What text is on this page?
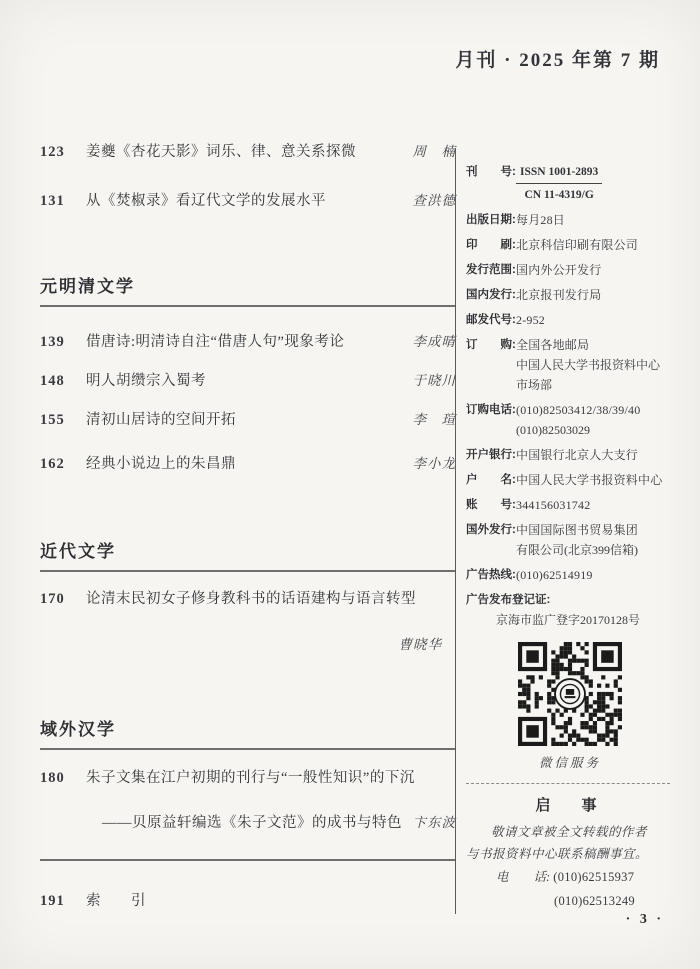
月刊 · 2025 年第 7 期
123	姜夔《杏花天影》词乐、律、意关系探微	周　楠
131	从《焚椒录》看辽代文学的发展水平	查洪德
元明清文学
139	借唐诗:明清诗自注“借唐人句”现象考论	李成晴
148	明人胡缵宗入蜀考	于晓川
155	清初山居诗的空间开拓	李　瑄
162	经典小说边上的朱昌鼎	李小龙
近代文学
170	论清末民初女子修身教科书的话语建构与语言转型
曹晓华
域外汉学
180	朱子文集在江户初期的刊行与“一般性知识”的下沉
——贝原益轩编选《朱子文范》的成书与特色 卞东波
191	索　　引
刊　　号: $\frac{\text{ISSN 1001-2893}}{CN 11-4319/G}$
出版日期:每月28日
印　　刷:北京科信印刷有限公司
发行范围:国内外公开发行
国内发行:北京报刊发行局
邮发代号:2-952
订　　购:全国各地邮局
中国人民大学书报资料中心
市场部
订购电话:(010)82503412/38/39/40
(010)82503029
开户银行:中国银行北京人大支行
户　　名:中国人民大学书报资料中心
账　　号:344156031742
国外发行:中国国际图书贸易集团
有限公司(北京399信箱)
广告热线:(010)62514919
广告发布登记证:
京海市监广登字20170128号
微信服务
启　事
敬请文章被全文转载的作者
与书报资料中心联系稿酬事宜。
电　　话: (010)62515937
(010)62513249
· 3 ·
